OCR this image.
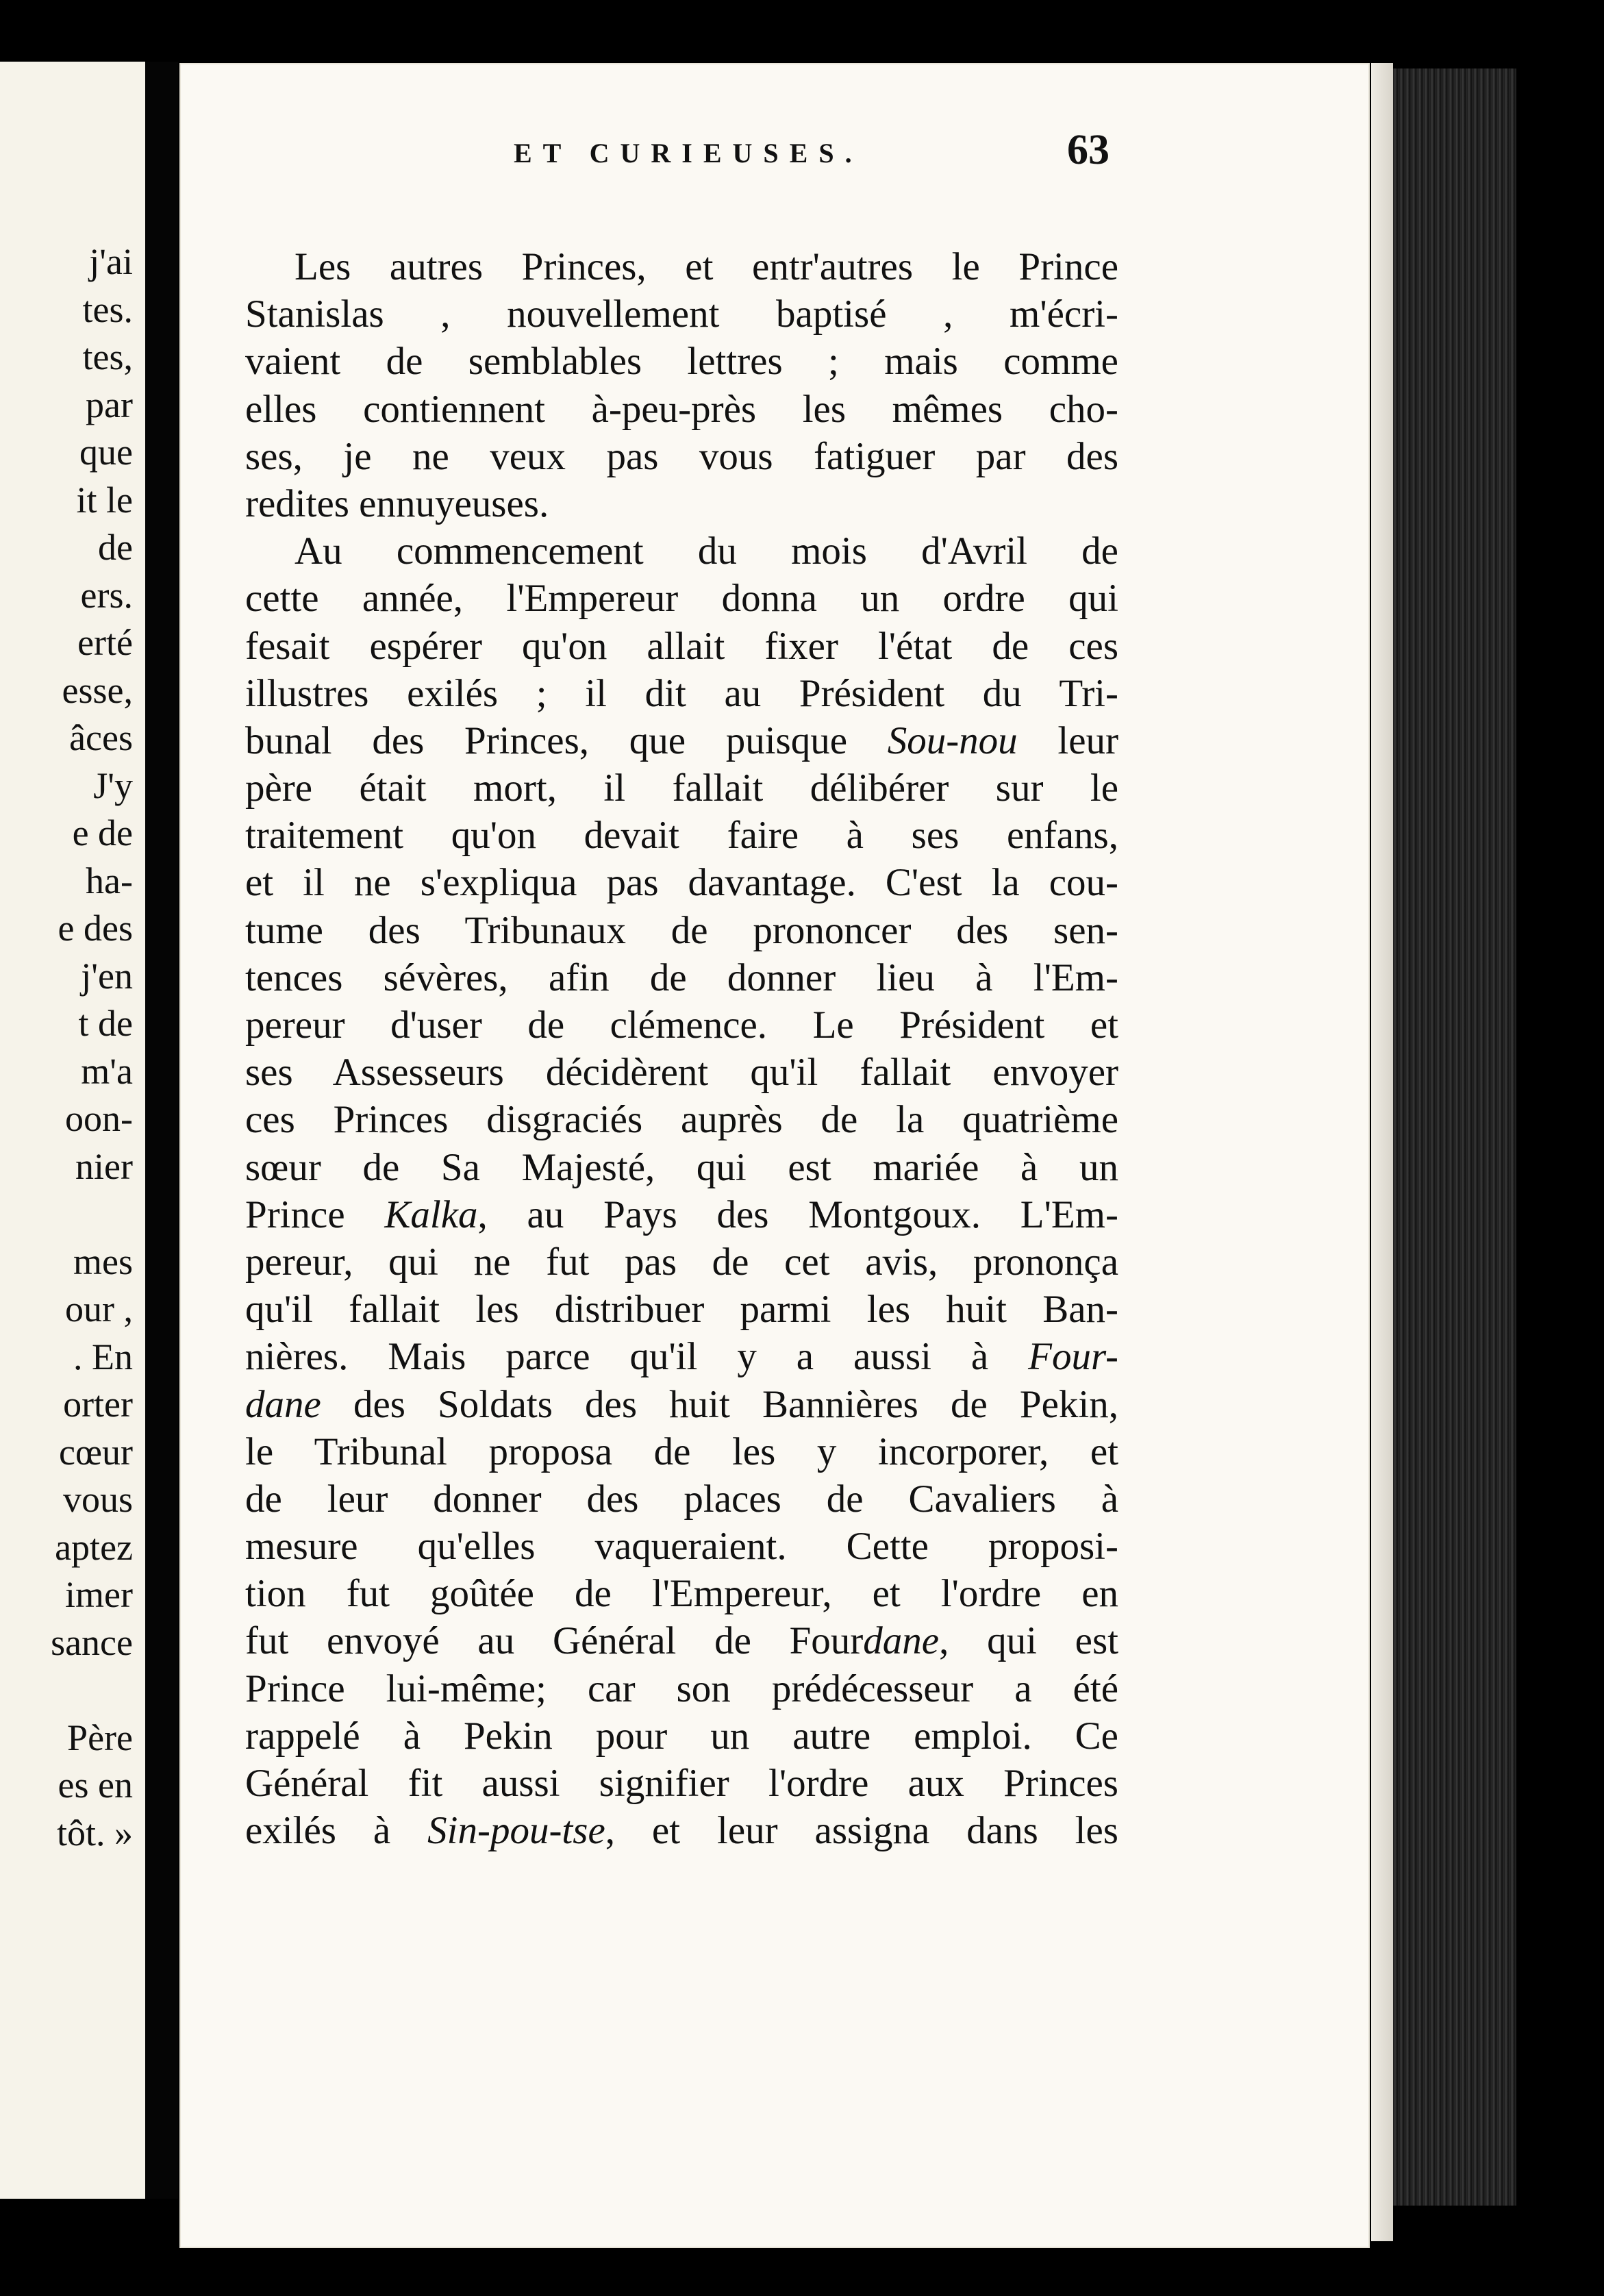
j'ai
tes.
tes,
par
que
it le
de
ers.
erté
esse,
âces
J'y
e de
ha-
e des
j'en
t de
m'a
oon-
nier
mes
our ,
. En
orter
cœur
vous
aptez
imer
sance
Père
es en
tôt. »
ET CURIEUSES.	63
Les autres Princes, et entr'autres le Prince
Stanislas , nouvellement baptisé , m'écri-
vaient de semblables lettres ; mais comme
elles contiennent à-peu-près les mêmes cho-
ses, je ne veux pas vous fatiguer par des
redites ennuyeuses.
Au commencement du mois d'Avril de
cette année, l'Empereur donna un ordre qui
fesait espérer qu'on allait fixer l'état de ces
illustres exilés ; il dit au Président du Tri-
bunal des Princes, que puisque Sou-nou leur
père était mort, il fallait délibérer sur le
traitement qu'on devait faire à ses enfans,
et il ne s'expliqua pas davantage. C'est la cou-
tume des Tribunaux de prononcer des sen-
tences sévères, afin de donner lieu à l'Em-
pereur d'user de clémence. Le Président et
ses Assesseurs décidèrent qu'il fallait envoyer
ces Princes disgraciés auprès de la quatrième
sœur de Sa Majesté, qui est mariée à un
Prince Kalka, au Pays des Montgoux. L'Em-
pereur, qui ne fut pas de cet avis, prononça
qu'il fallait les distribuer parmi les huit Ban-
nières. Mais parce qu'il y a aussi à Four-
dane des Soldats des huit Bannières de Pekin,
le Tribunal proposa de les y incorporer, et
de leur donner des places de Cavaliers à
mesure qu'elles vaqueraient. Cette proposi-
tion fut goûtée de l'Empereur, et l'ordre en
fut envoyé au Général de Fourdane, qui est
Prince lui-même; car son prédécesseur a été
rappelé à Pekin pour un autre emploi. Ce
Général fit aussi signifier l'ordre aux Princes
exilés à Sin-pou-tse, et leur assigna dans les
